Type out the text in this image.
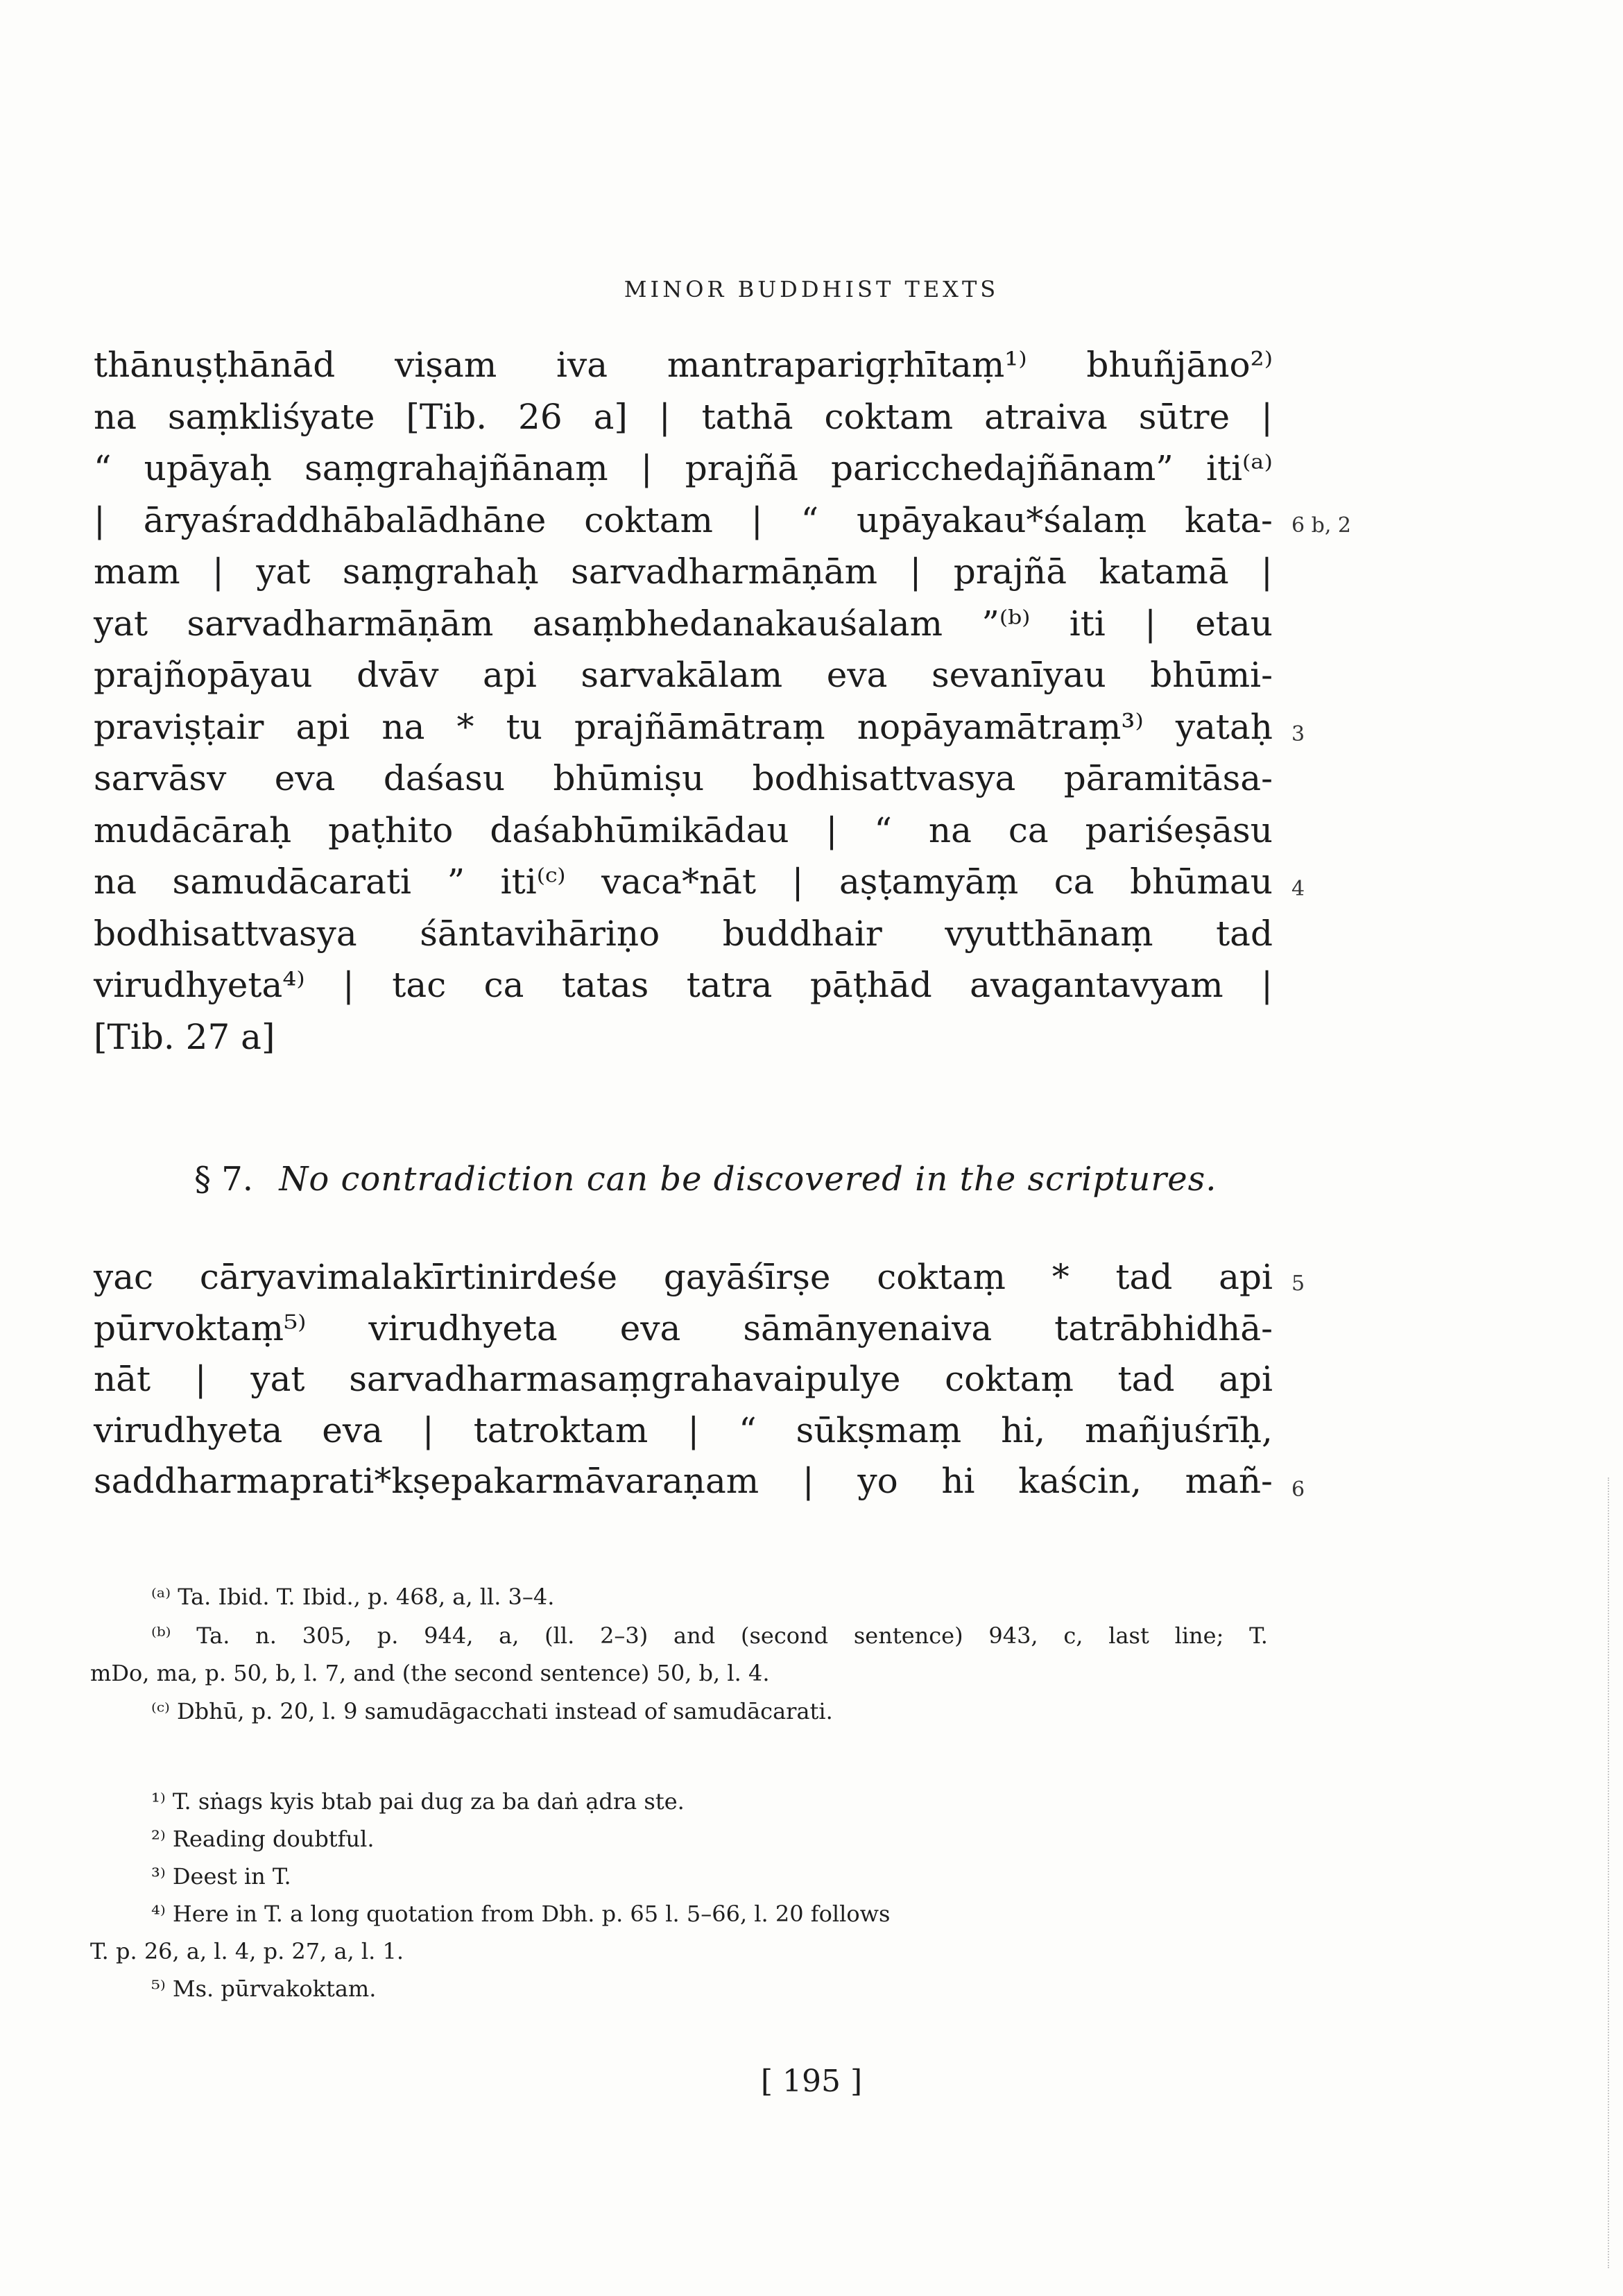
MINOR BUDDHIST TEXTS
thānuṣṭhānād viṣam iva mantraparigṛhītaṃ¹⁾ bhuñjāno²⁾
na saṃkliśyate [Tib. 26 a] | tathā coktam atraiva sūtre |
“ upāyaḥ saṃgrahajñānaṃ | prajñā paricchedajñānam” iti⁽ᵃ⁾
| āryaśraddhābalādhāne coktam | “ upāyakau*śalaṃ kata-
mam | yat saṃgrahaḥ sarvadharmāṇām | prajñā katamā |
yat sarvadharmāṇām asaṃbhedanakauśalam ”⁽ᵇ⁾ iti | etau
prajñopāyau dvāv api sarvakālam eva sevanīyau bhūmi-
praviṣṭair api na * tu prajñāmātraṃ nopāyamātraṃ³⁾ yataḥ
sarvāsv eva daśasu bhūmiṣu bodhisattvasya pāramitāsa-
mudācāraḥ paṭhito daśabhūmikādau | “ na ca pariśeṣāsu
na samudācarati ” iti⁽ᶜ⁾ vaca*nāt | aṣṭamyāṃ ca bhūmau
bodhisattvasya śāntavihāriṇo buddhair vyutthānaṃ tad
virudhyeta⁴⁾ | tac ca tatas tatra pāṭhād avagantavyam |
[Tib. 27 a]
§ 7. No contradiction can be discovered in the scriptures.
yac cāryavimalakīrtinirdeśe gayāśīrṣe coktaṃ * tad api
pūrvoktaṃ⁵⁾ virudhyeta eva sāmānyenaiva tatrābhidhā-
nāt | yat sarvadharmasaṃgrahavaipulye coktaṃ tad api
virudhyeta eva | tatroktam | “ sūkṣmaṃ hi, mañjuśrīḥ,
saddharmaprati*kṣepakarmāvaraṇam | yo hi kaścin, mañ-
6 b, 2
3
4
5
6
⁽ᵃ⁾ Ta. Ibid. T. Ibid., p. 468, a, ll. 3–4.
⁽ᵇ⁾ Ta. n. 305, p. 944, a, (ll. 2–3) and (second sentence) 943, c, last line; T.
mDo, ma, p. 50, b, l. 7, and (the second sentence) 50, b, l. 4.
⁽ᶜ⁾ Dbhū, p. 20, l. 9 samudāgacchati instead of samudācarati.
¹⁾ T. sṅags kyis btab pai dug za ba daṅ ạdra ste.
²⁾ Reading doubtful.
³⁾ Deest in T.
⁴⁾ Here in T. a long quotation from Dbh. p. 65 l. 5–66, l. 20 follows
T. p. 26, a, l. 4, p. 27, a, l. 1.
⁵⁾ Ms. pūrvakoktam.
[ 195 ]
